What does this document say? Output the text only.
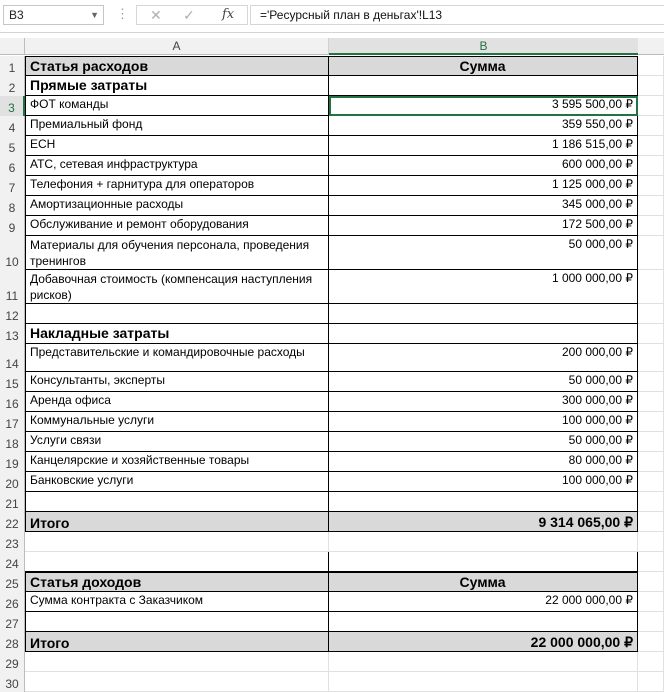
B3	▼ ⋮ ✕ ✓ fx	='Ресурсный план в деньгах'!L13
A	B
1	Статья расходов	Сумма
2	Прямые затраты
3	ФОТ команды	3 595 500,00 ₽
4	Премиальный фонд	359 550,00 ₽
5	ЕСН	1 186 515,00 ₽
6	АТС, сетевая инфраструктура	600 000,00 ₽
7	Телефония + гарнитура для операторов	1 125 000,00 ₽
8	Амортизационные расходы	345 000,00 ₽
9	Обслуживание и ремонт оборудования	172 500,00 ₽
10
Материалы для обучения персонала, проведения тренингов
50 000,00 ₽
11
Добавочная стоимость (компенсация наступления рисков)
1 000 000,00 ₽
12
13 Накладные затраты
14
Представительские и командировочные расходы	200 000,00 ₽
15 Консультанты, эксперты	50 000,00 ₽
16 Аренда офиса	300 000,00 ₽
17 Коммунальные услуги	100 000,00 ₽
18 Услуги связи	50 000,00 ₽
19 Канцелярские и хозяйственные товары	80 000,00 ₽
20 Банковские услуги	100 000,00 ₽
21
22 Итого	9 314 065,00 ₽
23
24
25 Статья доходов	Сумма
26 Сумма контракта с Заказчиком	22 000 000,00 ₽
27
28 Итого	22 000 000,00 ₽
29
30
